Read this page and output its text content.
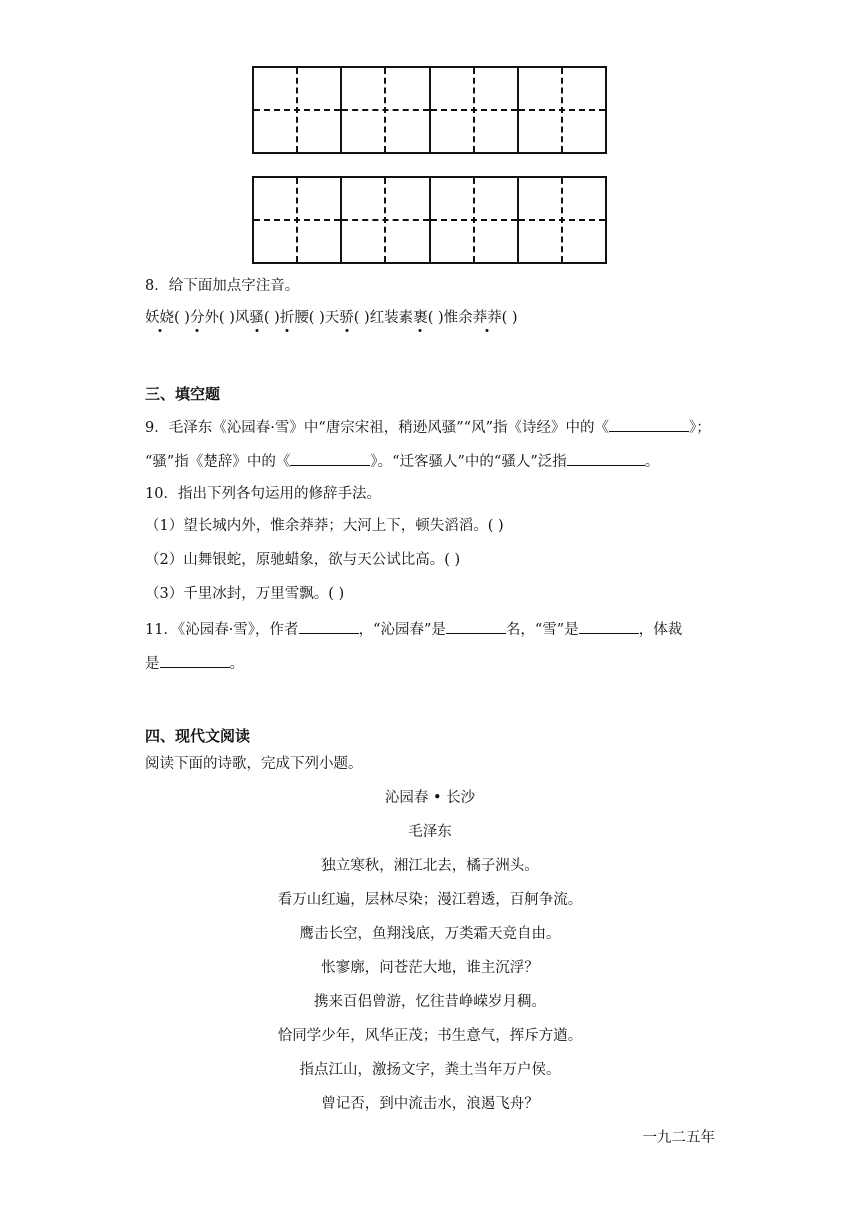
8．给下面加点字注音。
妖娆( )分外( )风骚( )折腰( )天骄( )红装素裹( )惟余莽莽( )
三、填空题
9．毛泽东《沁园春·雪》中“唐宗宋祖，稍逊风骚”“风”指《诗经》中的《	》；
“骚”指《楚辞》中的《	》。“迁客骚人”中的“骚人”泛指	。
10．指出下列各句运用的修辞手法。
（1）望长城内外，惟余莽莽；大河上下，顿失滔滔。( )
（2）山舞银蛇，原驰蜡象，欲与天公试比高。( )
（3）千里冰封，万里雪飘。( )
11．《沁园春·雪》，作者	，“沁园春”是	名，“雪”是	，体裁
是	。
四、现代文阅读
阅读下面的诗歌，完成下列小题。
沁园春 • 长沙
毛泽东
独立寒秋，湘江北去，橘子洲头。
看万山红遍，层林尽染；漫江碧透，百舸争流。
鹰击长空，鱼翔浅底，万类霜天竞自由。
怅寥廓，问苍茫大地，谁主沉浮？
携来百侣曾游，忆往昔峥嵘岁月稠。
恰同学少年，风华正茂；书生意气，挥斥方遒。
指点江山，激扬文字，粪土当年万户侯。
曾记否，到中流击水，浪遏飞舟？
一九二五年
